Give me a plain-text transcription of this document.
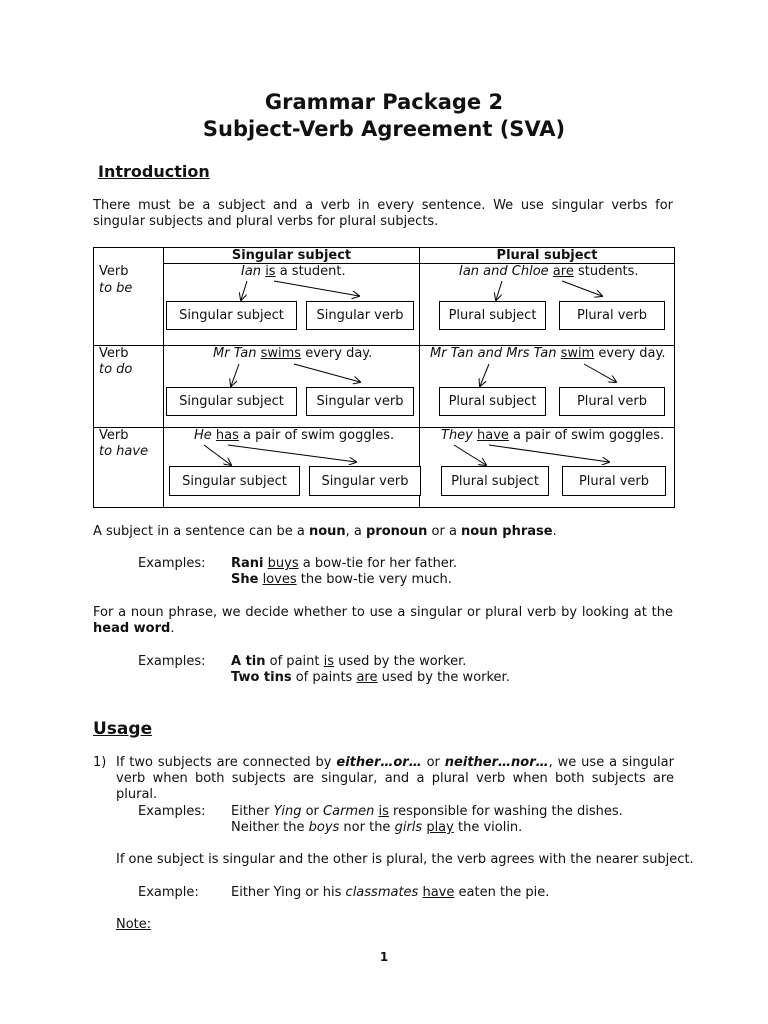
Grammar Package 2
Subject-Verb Agreement (SVA)
Introduction
There must be a subject and a verb in every sentence. We use singular verbs for singular subjects and plural verbs for plural subjects.
Singular subject	Plural subject
Verb
to be
Ian is a student.	Ian and Chloe are students.
Singular subject	Singular verb	Plural subject	Plural verb
Verb
to do
Mr Tan swims every day.	Mr Tan and Mrs Tan swim every day.
Singular subject	Singular verb	Plural subject	Plural verb
Verb
to have
He has a pair of swim goggles.	They have a pair of swim goggles.
Singular subject	Singular verb	Plural subject	Plural verb
A subject in a sentence can be a noun, a pronoun or a noun phrase.
Examples: Rani buys a bow-tie for her father.
She loves the bow-tie very much.
For a noun phrase, we decide whether to use a singular or plural verb by looking at the head word.
Examples: A tin of paint is used by the worker.
Two tins of paints are used by the worker.
Usage
1) If two subjects are connected by either…or… or neither…nor…, we use a singular verb when both subjects are singular, and a plural verb when both subjects are plural.
Examples: Either Ying or Carmen is responsible for washing the dishes.
Neither the boys nor the girls play the violin.
If one subject is singular and the other is plural, the verb agrees with the nearer subject.
Example: Either Ying or his classmates have eaten the pie.
Note:
1
